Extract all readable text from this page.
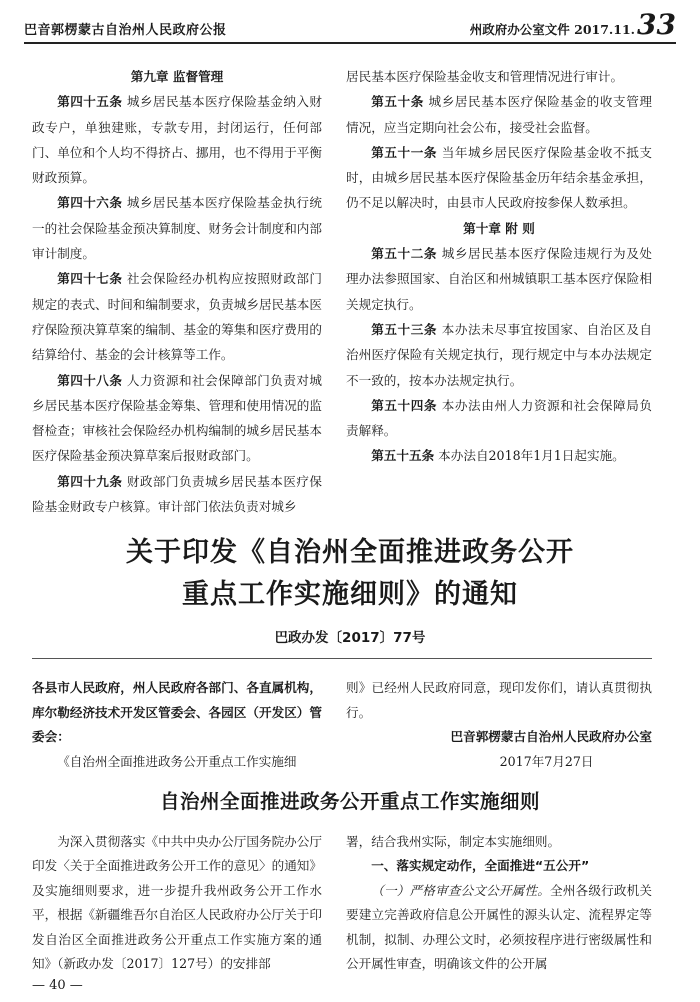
巴音郭楞蒙古自治州人民政府公报	州政府办公室文件 2017.11. 33

第九章 监督管理

第四十五条 城乡居民基本医疗保险基金纳入财政专户，单独建账，专款专用，封闭运行，任何部门、单位和个人均不得挤占、挪用，也不得用于平衡财政预算。

第四十六条 城乡居民基本医疗保险基金执行统一的社会保险基金预决算制度、财务会计制度和内部审计制度。

第四十七条 社会保险经办机构应按照财政部门规定的表式、时间和编制要求，负责城乡居民基本医疗保险预决算草案的编制、基金的筹集和医疗费用的结算给付、基金的会计核算等工作。

第四十八条 人力资源和社会保障部门负责对城乡居民基本医疗保险基金筹集、管理和使用情况的监督检查；审核社会保险经办机构编制的城乡居民基本医疗保险基金预决算草案后报财政部门。

第四十九条 财政部门负责城乡居民基本医疗保险基金财政专户核算。审计部门依法负责对城乡

居民基本医疗保险基金收支和管理情况进行审计。

第五十条 城乡居民基本医疗保险基金的收支管理情况，应当定期向社会公布，接受社会监督。

第五十一条 当年城乡居民医疗保险基金收不抵支时，由城乡居民基本医疗保险基金历年结余基金承担，仍不足以解决时，由县市人民政府按参保人数承担。

第十章 附 则

第五十二条 城乡居民基本医疗保险违规行为及处理办法参照国家、自治区和州城镇职工基本医疗保险相关规定执行。

第五十三条 本办法未尽事宜按国家、自治区及自治州医疗保险有关规定执行，现行规定中与本办法规定不一致的，按本办法规定执行。

第五十四条 本办法由州人力资源和社会保障局负责解释。

第五十五条 本办法自2018年1月1日起实施。

关于印发《自治州全面推进政务公开
重点工作实施细则》的通知
巴政办发〔2017〕77号

各县市人民政府，州人民政府各部门、各直属机构，库尔勒经济技术开发区管委会、各园区（开发区）管委会：

《自治州全面推进政务公开重点工作实施细

则》已经州人民政府同意，现印发你们，请认真贯彻执行。

巴音郭楞蒙古自治州人民政府办公室

2017年7月27日

自治州全面推进政务公开重点工作实施细则

为深入贯彻落实《中共中央办公厅国务院办公厅印发〈关于全面推进政务公开工作的意见〉的通知》及实施细则要求，进一步提升我州政务公开工作水平，根据《新疆维吾尔自治区人民政府办公厅关于印发自治区全面推进政务公开重点工作实施方案的通知》（新政办发〔2017〕127号）的安排部

署，结合我州实际，制定本实施细则。

一、落实规定动作，全面推进“五公开”

（一）严格审查公文公开属性。全州各级行政机关要建立完善政府信息公开属性的源头认定、流程界定等机制，拟制、办理公文时，必须按程序进行密级属性和公开属性审查，明确该文件的公开属

— 40 —
